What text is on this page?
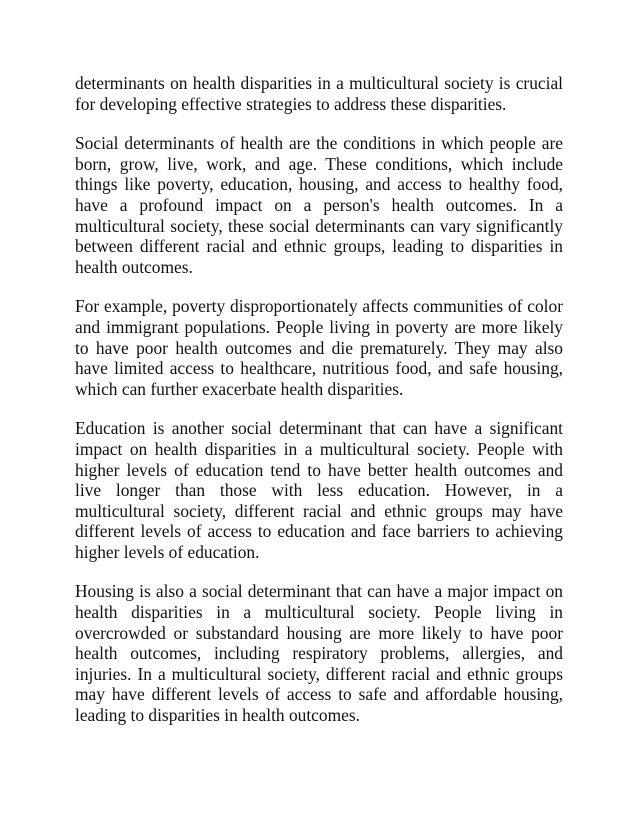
determinants on health disparities in a multicultural society is crucial for developing effective strategies to address these disparities.

Social determinants of health are the conditions in which people are born, grow, live, work, and age. These conditions, which include things like poverty, education, housing, and access to healthy food, have a profound impact on a person's health outcomes. In a multicultural society, these social determinants can vary significantly between different racial and ethnic groups, leading to disparities in health outcomes.

For example, poverty disproportionately affects communities of color and immigrant populations. People living in poverty are more likely to have poor health outcomes and die prematurely. They may also have limited access to healthcare, nutritious food, and safe housing, which can further exacerbate health disparities.

Education is another social determinant that can have a significant impact on health disparities in a multicultural society. People with higher levels of education tend to have better health outcomes and live longer than those with less education. However, in a multicultural society, different racial and ethnic groups may have different levels of access to education and face barriers to achieving higher levels of education.

Housing is also a social determinant that can have a major impact on health disparities in a multicultural society. People living in overcrowded or substandard housing are more likely to have poor health outcomes, including respiratory problems, allergies, and injuries. In a multicultural society, different racial and ethnic groups may have different levels of access to safe and affordable housing, leading to disparities in health outcomes.
